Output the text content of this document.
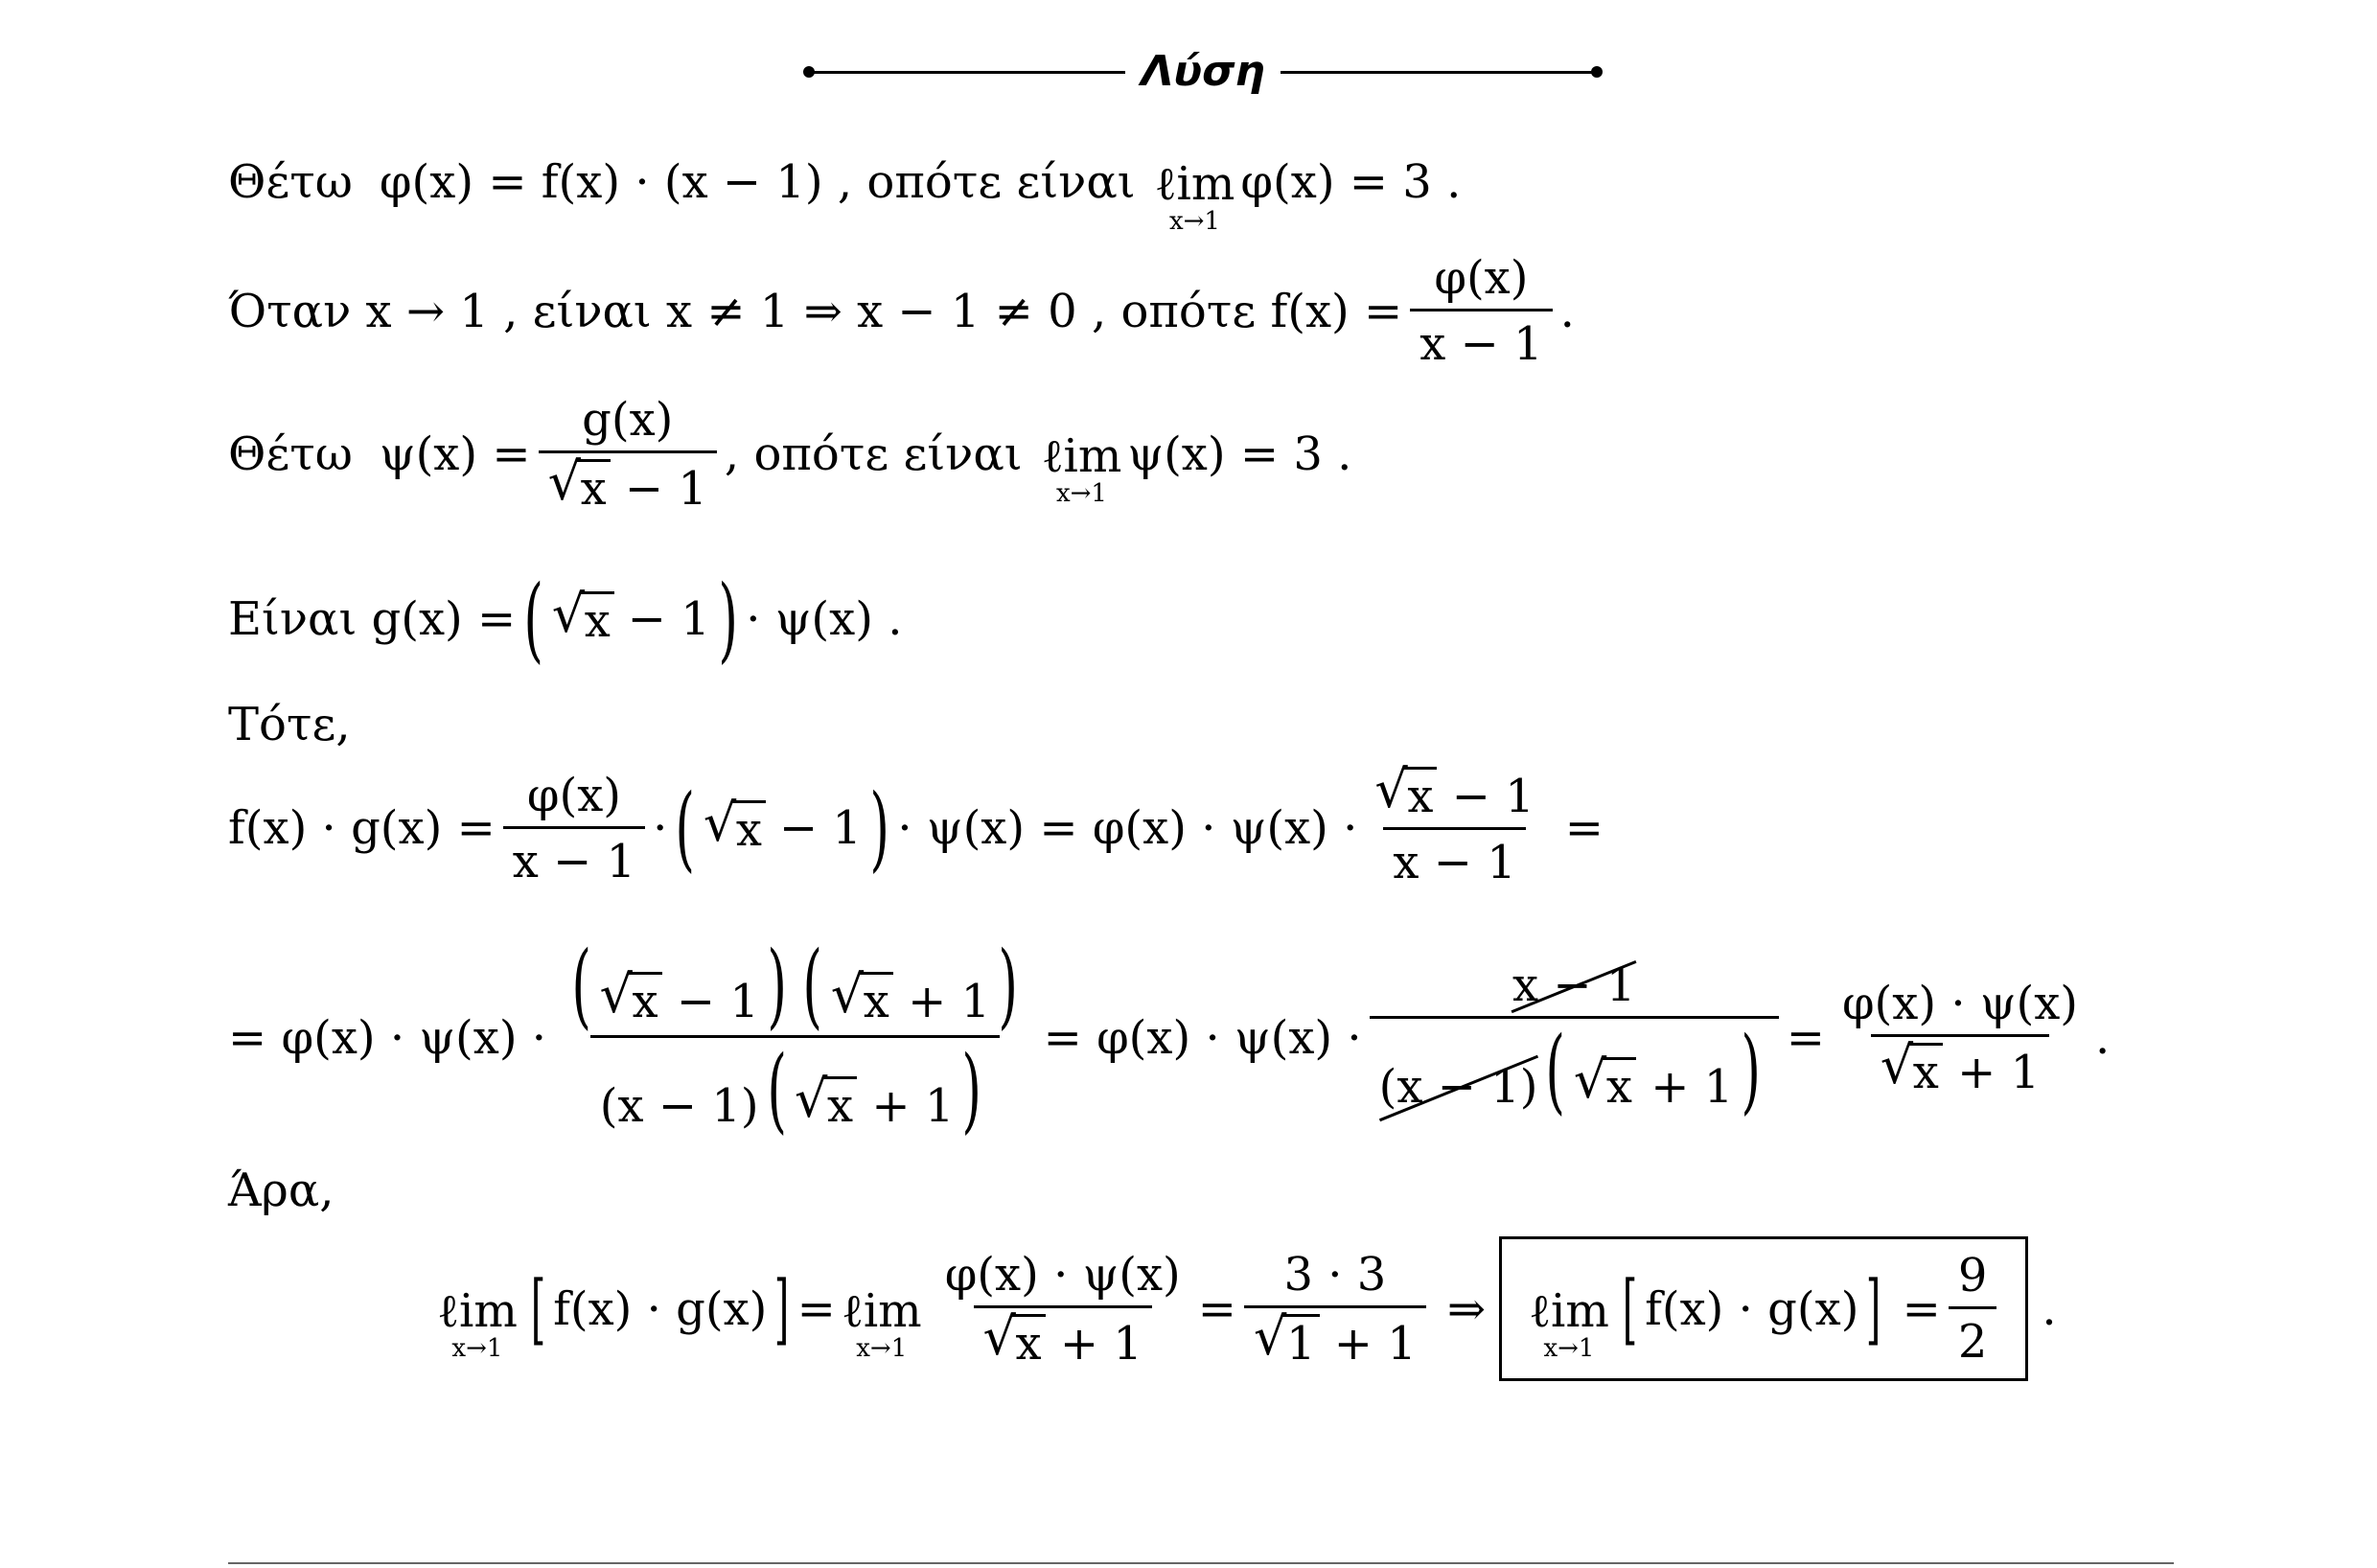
Λύση
Θέτω φ(x) = f(x) · (x − 1) , οπότε είναι ℓim
x→1
φ(x) = 3 .
Όταν x → 1 , είναι x ≠ 1 ⇒ x − 1 ≠ 0 , οπότε $f(x) = \frac{\varphi(x)}{x - 1}$ .
Θέτω $\psi(x) = \frac{g(x)}{√ x - 1}$ , οπότε είναι ℓim
x→1
ψ(x) = 3 .
Είναι g(x) = ( √ x − 1 ) · ψ(x) .
Τότε,
$f(x) \cdot g(x) = \frac{\varphi(x)}{x - 1}$ · ( √ x − 1 ) · $\psi(x) = \varphi(x) \cdot \psi(x) \cdot \frac{√ x - 1}{x - 1}$ =
= $\varphi(x) \cdot \psi(x) \cdot \frac{( √ x - 1) ( √ x + 1)}{(x - 1)( √ x + 1)} = \varphi(x) \cdot \psi(x) \cdot \frac{x - 1}{(x - 1)( √ x + 1)} = \frac{\varphi(x) \cdot \psi(x)}{√ x + 1}$ .
Άρα,
ℓim
x→1 [ f(x) · g(x) ] = ℓim
$x\to 1 \frac{\varphi(x) \cdot \psi(x)}{√ x + 1} = \frac{3 \cdot 3}{√ 1 + 1}$ ⇒ ℓim
x→1 [ f(x) · g(x) ] = $\frac{9}{2}$ .
